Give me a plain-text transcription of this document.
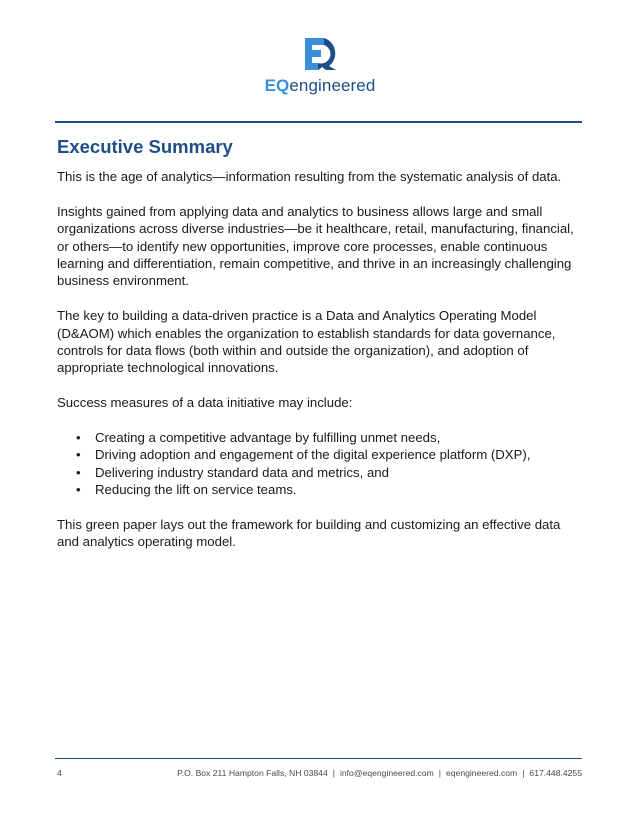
EQengineered
Executive Summary

This is the age of analytics—information resulting from the systematic analysis of data.

Insights gained from applying data and analytics to business allows large and small organizations across diverse industries—be it healthcare, retail, manufacturing, financial, or others—to identify new opportunities, improve core processes, enable continuous learning and differentiation, remain competitive, and thrive in an increasingly challenging business environment.

The key to building a data-driven practice is a Data and Analytics Operating Model (D&AOM) which enables the organization to establish standards for data governance, controls for data flows (both within and outside the organization), and adoption of appropriate technological innovations.

Success measures of a data initiative may include:

• Creating a competitive advantage by fulfilling unmet needs,
• Driving adoption and engagement of the digital experience platform (DXP),
• Delivering industry standard data and metrics, and
• Reducing the lift on service teams.

This green paper lays out the framework for building and customizing an effective data and analytics operating model.

4	P.O. Box 211 Hampton Falls, NH 03844 | info@eqengineered.com | eqengineered.com | 617.448.4255
